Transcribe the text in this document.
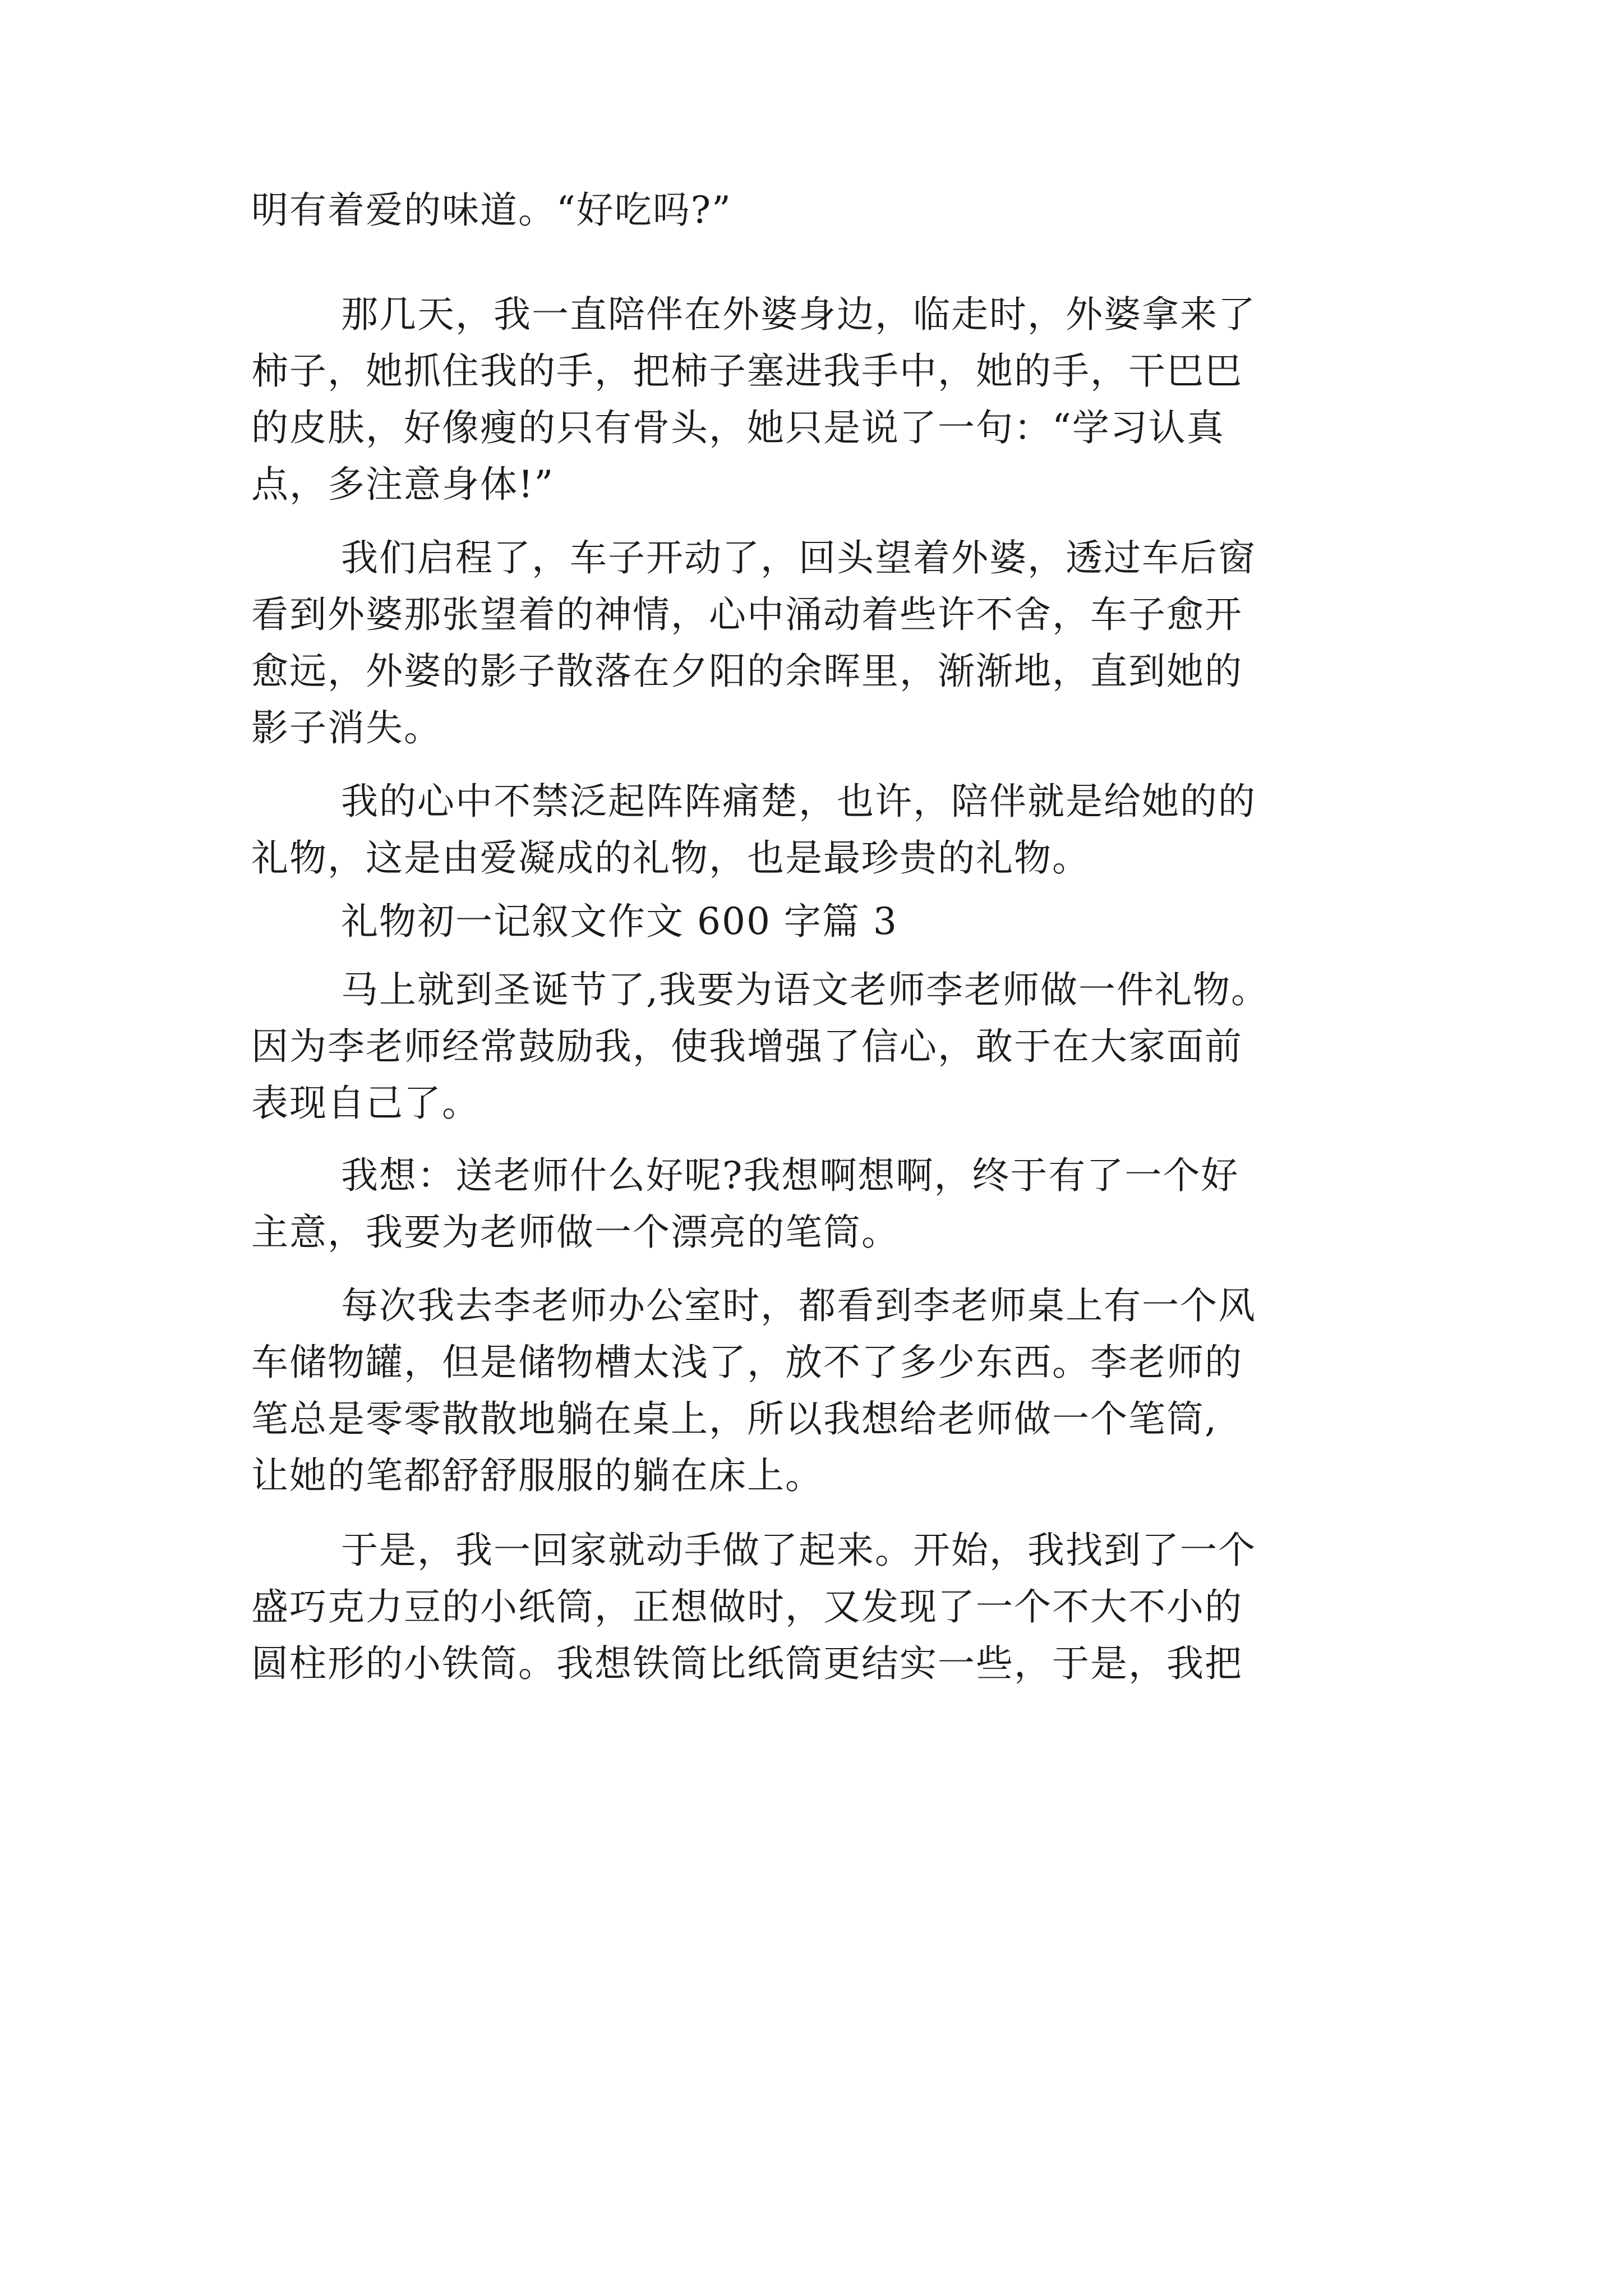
明有着爱的味道。“好吃吗?”
那几天，我一直陪伴在外婆身边，临走时，外婆拿来了
柿子，她抓住我的手，把柿子塞进我手中，她的手，干巴巴
的皮肤，好像瘦的只有骨头，她只是说了一句：“学习认真
点，多注意身体!”
我们启程了，车子开动了，回头望着外婆，透过车后窗
看到外婆那张望着的神情，心中涌动着些许不舍，车子愈开
愈远，外婆的影子散落在夕阳的余晖里，渐渐地，直到她的
影子消失。
我的心中不禁泛起阵阵痛楚，也许，陪伴就是给她的的
礼物，这是由爱凝成的礼物，也是最珍贵的礼物。
礼物初一记叙文作文 600 字篇 3
马上就到圣诞节了,我要为语文老师李老师做一件礼物。
因为李老师经常鼓励我，使我增强了信心，敢于在大家面前
表现自己了。
我想：送老师什么好呢?我想啊想啊，终于有了一个好
主意，我要为老师做一个漂亮的笔筒。
每次我去李老师办公室时，都看到李老师桌上有一个风
车储物罐，但是储物槽太浅了，放不了多少东西。李老师的
笔总是零零散散地躺在桌上，所以我想给老师做一个笔筒,
让她的笔都舒舒服服的躺在床上。
于是，我一回家就动手做了起来。开始，我找到了一个
盛巧克力豆的小纸筒，正想做时，又发现了一个不大不小的
圆柱形的小铁筒。我想铁筒比纸筒更结实一些，于是，我把
